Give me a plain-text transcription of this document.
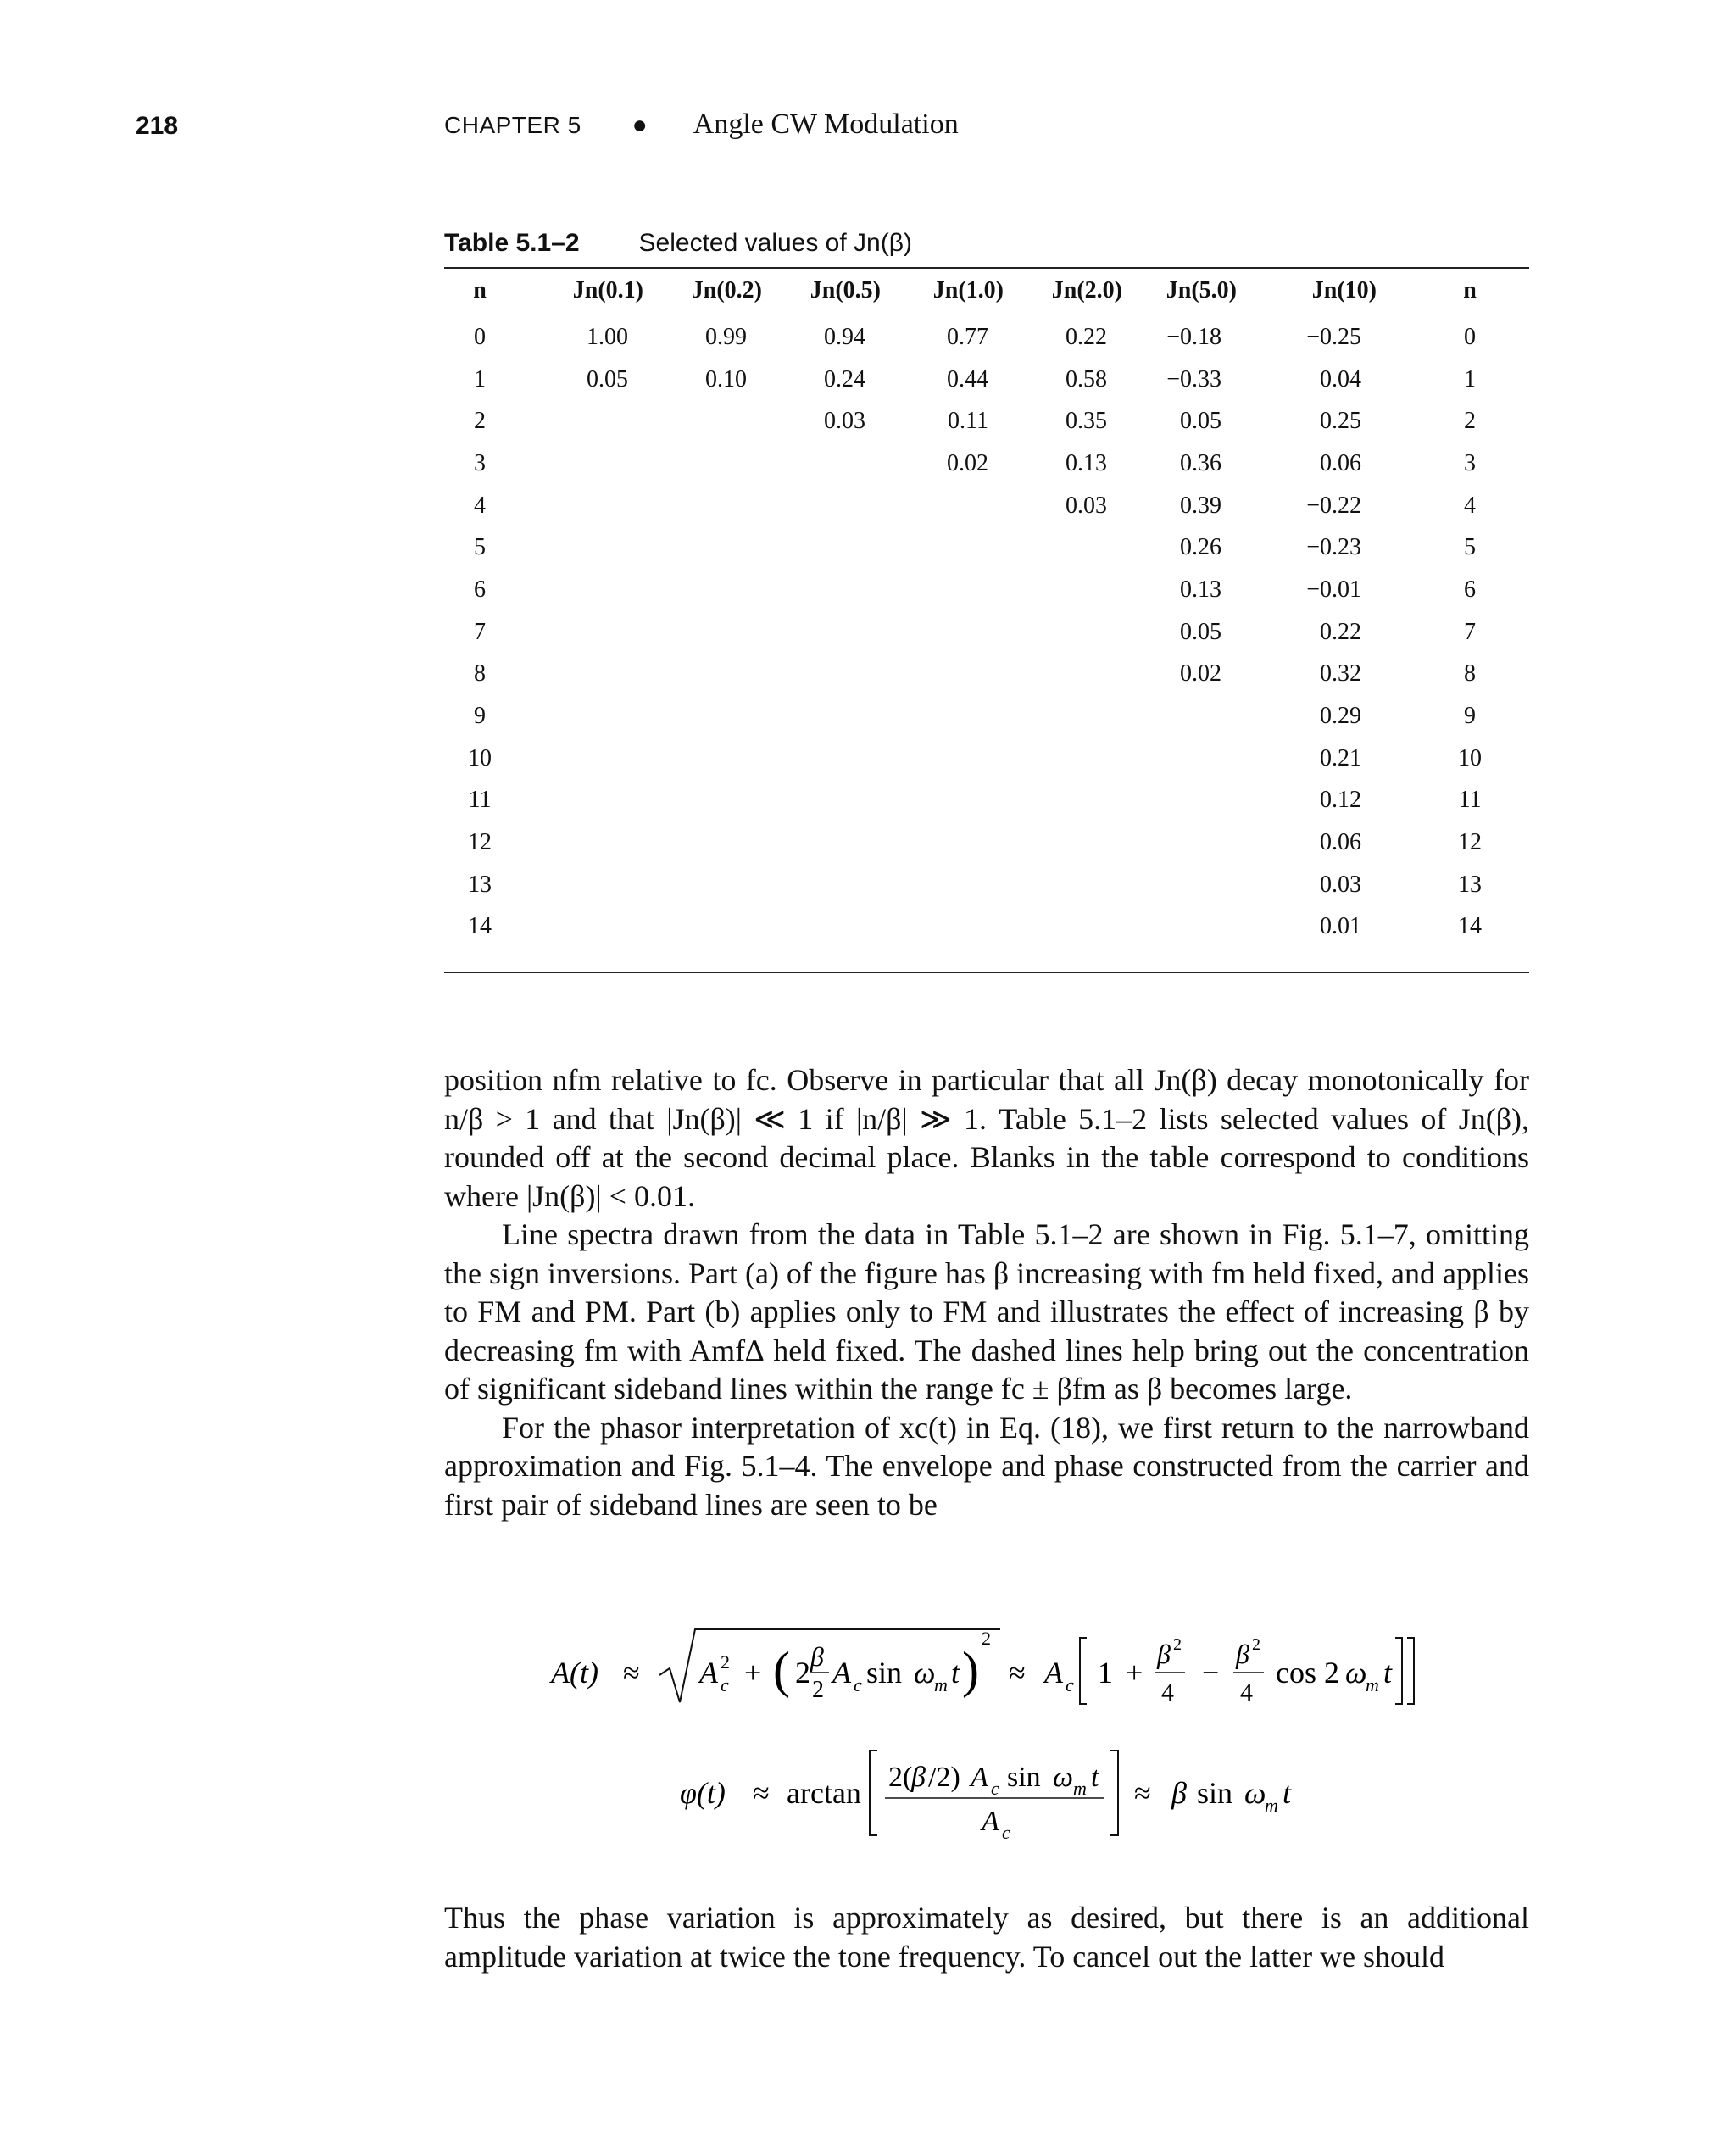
218	CHAPTER 5 ● Angle CW Modulation
Table 5.1–2 Selected values of Jn(β)
n	Jn(0.1)	Jn(0.2)	Jn(0.5)	Jn(1.0)	Jn(2.0)	Jn(5.0)	Jn(10)	n
0	1.00	0.99	0.94	0.77	0.22	−0.18	−0.25	0
1	0.05	0.10	0.24	0.44	0.58	−0.33	0.04	1
2			0.03	0.11	0.35	0.05	0.25	2
3				0.02	0.13	0.36	0.06	3
4					0.03	0.39	−0.22	4
5						0.26	−0.23	5
6						0.13	−0.01	6
7						0.05	0.22	7
8						0.02	0.32	8
9							0.29	9
10							0.21	10
11							0.12	11
12							0.06	12
13							0.03	13
14							0.01	14

position nfm relative to fc. Observe in particular that all Jn(β) decay monotonically for n/β > 1 and that |Jn(β)| ≪ 1 if |n/β| ≫ 1. Table 5.1–2 lists selected values of Jn(β), rounded off at the second decimal place. Blanks in the table correspond to conditions where |Jn(β)| < 0.01.

Line spectra drawn from the data in Table 5.1–2 are shown in Fig. 5.1–7, omitting the sign inversions. Part (a) of the figure has β increasing with fm held fixed, and applies to FM and PM. Part (b) applies only to FM and illustrates the effect of increasing β by decreasing fm with Amf∆ held fixed. The dashed lines help bring out the concentration of significant sideband lines within the range fc ± βfm as β becomes large.

For the phasor interpretation of xc(t) in Eq. (18), we first return to the narrowband approximation and Fig. 5.1–4. The envelope and phase constructed from the carrier and first pair of sideband lines are seen to be

A(t) ≈ A c
2 + ( 2 β
2
A c sin ω
m t )
2
≈ A c 1 +
β 2
4
−
β 2
4
cos 2 ω
m t
φ(t) ≈ arctan 2(
β /2) A c sin ω m t
A c
≈ β sin ω
m t

Thus the phase variation is approximately as desired, but there is an additional amplitude variation at twice the tone frequency. To cancel out the latter we should
